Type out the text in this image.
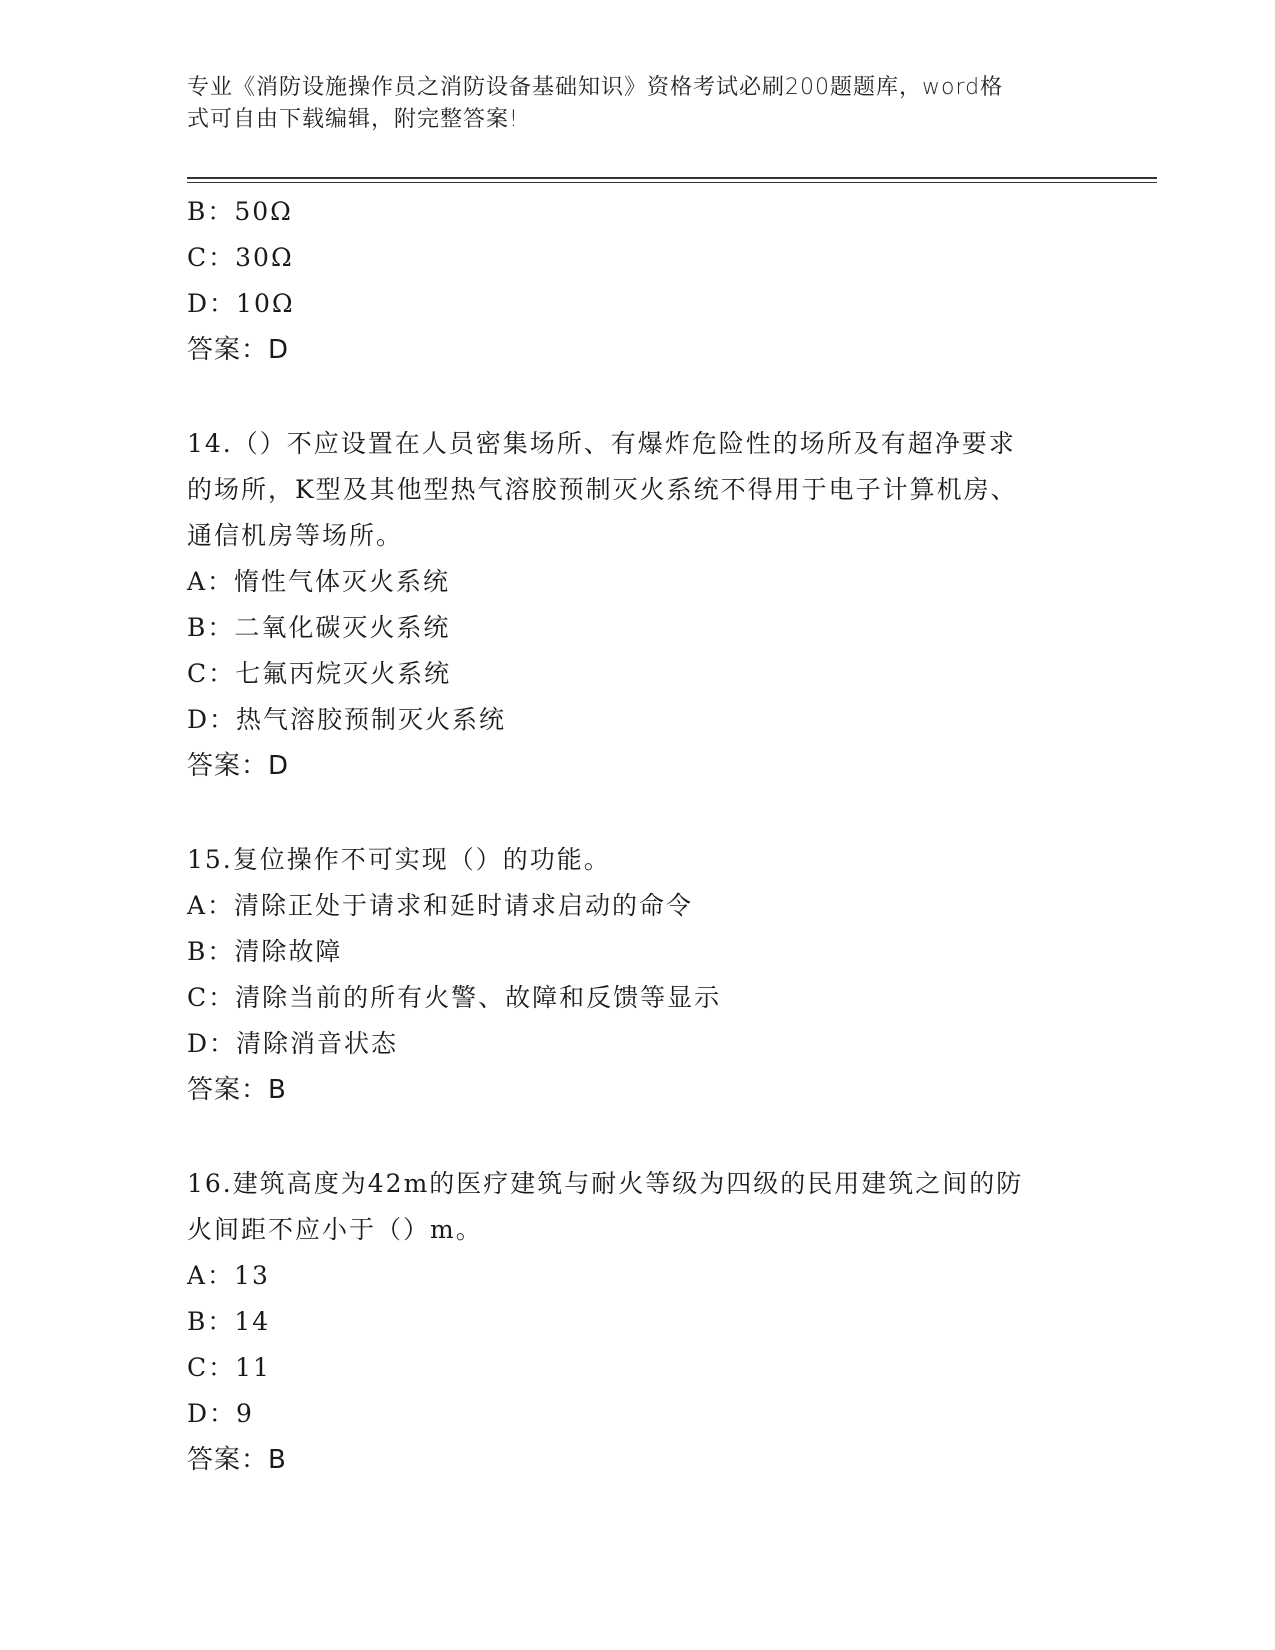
专业《消防设施操作员之消防设备基础知识》资格考试必刷200题题库，word格
式可自由下载编辑，附完整答案!
B：50Ω
C：30Ω
D：10Ω
答案：D
14.（）不应设置在人员密集场所、有爆炸危险性的场所及有超净要求
的场所，K型及其他型热气溶胶预制灭火系统不得用于电子计算机房、
通信机房等场所。
A：惰性气体灭火系统
B：二氧化碳灭火系统
C：七氟丙烷灭火系统
D：热气溶胶预制灭火系统
答案：D
15.复位操作不可实现（）的功能。
A：清除正处于请求和延时请求启动的命令
B：清除故障
C：清除当前的所有火警、故障和反馈等显示
D：清除消音状态
答案：B
16.建筑高度为42m的医疗建筑与耐火等级为四级的民用建筑之间的防
火间距不应小于（）m。
A：13
B：14
C：11
D：9
答案：B
